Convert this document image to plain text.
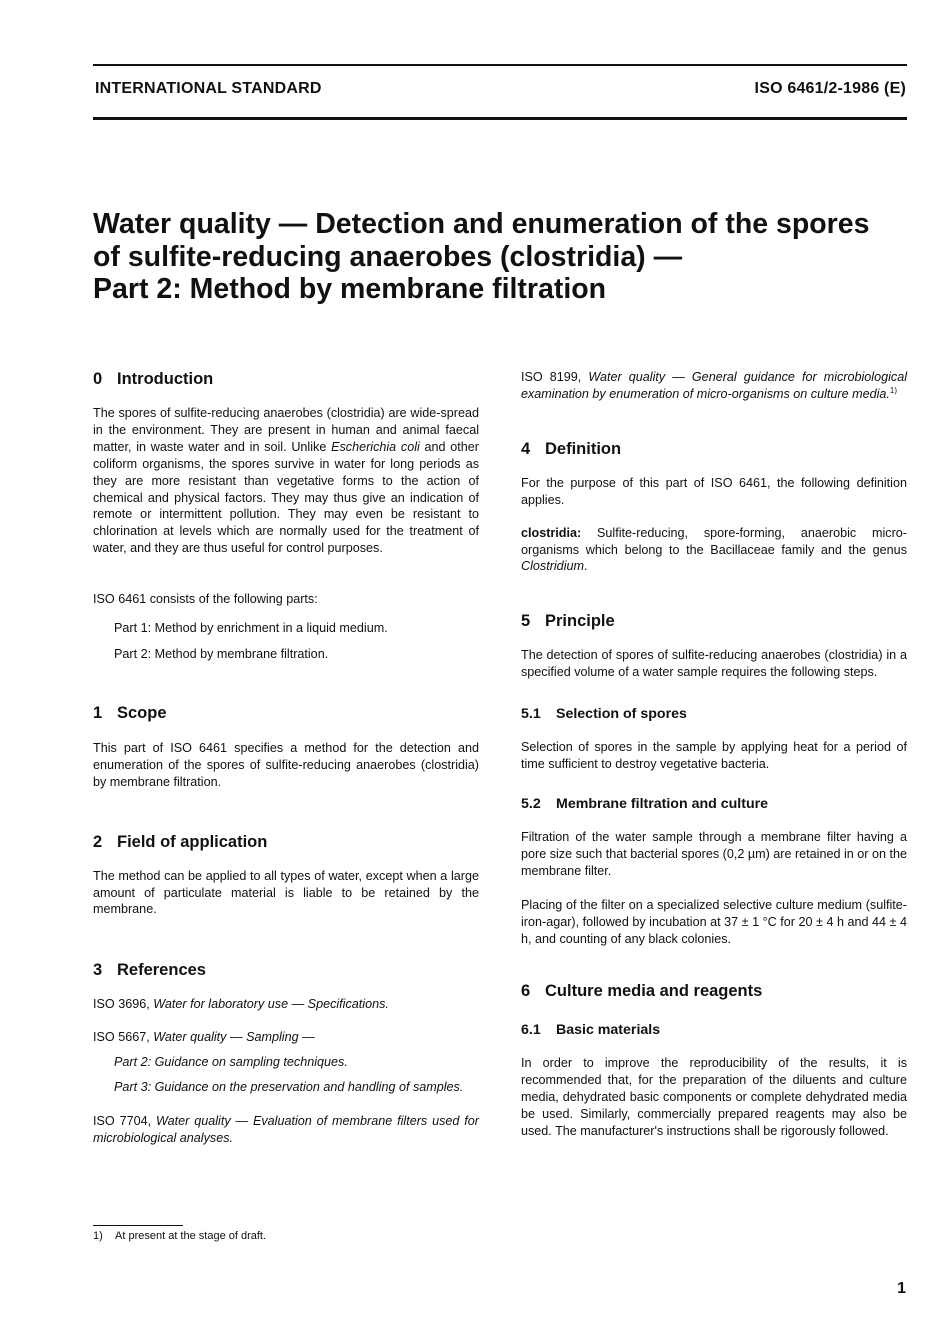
INTERNATIONAL STANDARD	ISO 6461/2-1986 (E)
Water quality — Detection and enumeration of the spores
of sulfite-reducing anaerobes (clostridia) —
Part 2: Method by membrane filtration
0 Introduction

The spores of sulfite-reducing anaerobes (clostridia) are wide-spread in the environment. They are present in human and animal faecal matter, in waste water and in soil. Unlike Escherichia coli and other coliform organisms, the spores survive in water for long periods as they are more resistant than vegetative forms to the action of chemical and physical factors. They may thus give an indication of remote or intermittent pollution. They may even be resistant to chlorination at levels which are normally used for the treatment of water, and they are thus useful for control purposes.

ISO 6461 consists of the following parts:

Part 1: Method by enrichment in a liquid medium.

Part 2: Method by membrane filtration.

1 Scope

This part of ISO 6461 specifies a method for the detection and enumeration of the spores of sulfite-reducing anaerobes (clostridia) by membrane filtration.

2 Field of application

The method can be applied to all types of water, except when a large amount of particulate material is liable to be retained by the membrane.

3 References

ISO 3696, Water for laboratory use — Specifications.

ISO 5667, Water quality — Sampling —

Part 2: Guidance on sampling techniques.

Part 3: Guidance on the preservation and handling of samples.

ISO 7704, Water quality — Evaluation of membrane filters used for microbiological analyses.

ISO 8199, Water quality — General guidance for microbiological examination by enumeration of micro-organisms on culture media.$^{1)}$

4 Definition

For the purpose of this part of ISO 6461, the following definition applies.

clostridia: Sulfite-reducing, spore-forming, anaerobic micro-organisms which belong to the Bacillaceae family and the genus Clostridium.

5 Principle

The detection of spores of sulfite-reducing anaerobes (clostridia) in a specified volume of a water sample requires the following steps.

5.1 Selection of spores

Selection of spores in the sample by applying heat for a period of time sufficient to destroy vegetative bacteria.

5.2 Membrane filtration and culture

Filtration of the water sample through a membrane filter having a pore size such that bacterial spores (0,2 µm) are retained in or on the membrane filter.

Placing of the filter on a specialized selective culture medium (sulfite-iron-agar), followed by incubation at 37 ± 1 °C for 20 ± 4 h and 44 ± 4 h, and counting of any black colonies.

6 Culture media and reagents
6.1 Basic materials

In order to improve the reproducibility of the results, it is recommended that, for the preparation of the diluents and culture media, dehydrated basic components or complete dehydrated media be used. Similarly, commercially prepared reagents may also be used. The manufacturer's instructions shall be rigorously followed.

1) At present at the stage of draft.
1
